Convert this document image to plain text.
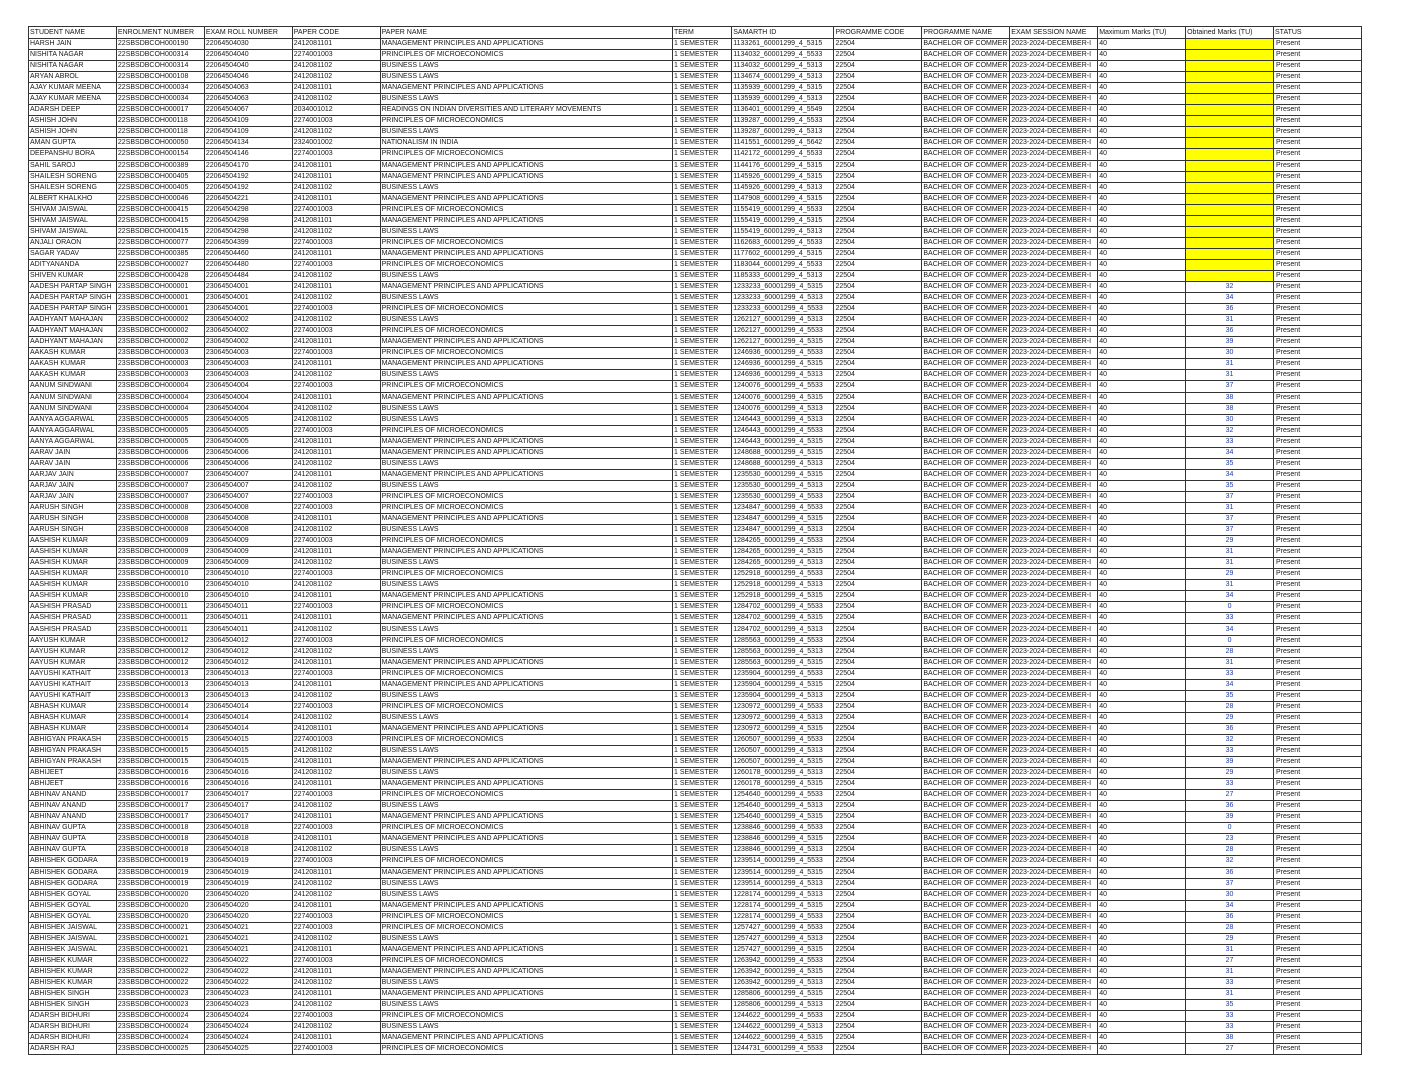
STUDENT NAME	ENROLMENT NUMBER	EXAM ROLL NUMBER	PAPER CODE	PAPER NAME	TERM	SAMARTH ID	PROGRAMME CODE	PROGRAMME NAME	EXAM SESSION NAME	Maximum Marks (TU)	Obtained Marks (TU)	STATUS
HARSH JAIN	22SBSDBCOH000190	22064504030	2412081101	MANAGEMENT PRINCIPLES AND APPLICATIONS	1 SEMESTER	1133261_60001299_4_5315	22504	BACHELOR OF COMMER	2023-2024-DECEMBER-I	40		Present
NISHITA NAGAR	22SBSDBCOH000314	22064504040	2274001003	PRINCIPLES OF MICROECONOMICS	1 SEMESTER	1134032_60001299_4_5533	22504	BACHELOR OF COMMER	2023-2024-DECEMBER-I	40		Present
NISHITA NAGAR	22SBSDBCOH000314	22064504040	2412081102	BUSINESS LAWS	1 SEMESTER	1134032_60001299_4_5313	22504	BACHELOR OF COMMER	2023-2024-DECEMBER-I	40		Present
ARYAN ABROL	22SBSDBCOH000108	22064504046	2412081102	BUSINESS LAWS	1 SEMESTER	1134674_60001299_4_5313	22504	BACHELOR OF COMMER	2023-2024-DECEMBER-I	40		Present
AJAY KUMAR MEENA	22SBSDBCOH000034	22064504063	2412081101	MANAGEMENT PRINCIPLES AND APPLICATIONS	1 SEMESTER	1135939_60001299_4_5315	22504	BACHELOR OF COMMER	2023-2024-DECEMBER-I	40		Present
AJAY KUMAR MEENA	22SBSDBCOH000034	22064504063	2412081102	BUSINESS LAWS	1 SEMESTER	1135939_60001299_4_5313	22504	BACHELOR OF COMMER	2023-2024-DECEMBER-I	40		Present
ADARSH DEEP	22SBSDBCOH000017	22064504067	2034001012	READINGS ON INDIAN DIVERSITIES AND LITERARY MOVEMENTS	1 SEMESTER	1136401_60001299_4_5549	22504	BACHELOR OF COMMER	2023-2024-DECEMBER-I	40		Present
ASHISH JOHN	22SBSDBCOH000118	22064504109	2274001003	PRINCIPLES OF MICROECONOMICS	1 SEMESTER	1139287_60001299_4_5533	22504	BACHELOR OF COMMER	2023-2024-DECEMBER-I	40		Present
ASHISH JOHN	22SBSDBCOH000118	22064504109	2412081102	BUSINESS LAWS	1 SEMESTER	1139287_60001299_4_5313	22504	BACHELOR OF COMMER	2023-2024-DECEMBER-I	40		Present
AMAN GUPTA	22SBSDBCOH000050	22064504134	2324001002	NATIONALISM IN INDIA	1 SEMESTER	1141551_60001299_4_5642	22504	BACHELOR OF COMMER	2023-2024-DECEMBER-I	40		Present
DEEPANSHU BORA	22SBSDBCOH000154	22064504146	2274001003	PRINCIPLES OF MICROECONOMICS	1 SEMESTER	1142172_60001299_4_5533	22504	BACHELOR OF COMMER	2023-2024-DECEMBER-I	40		Present
SAHIL SAROJ	22SBSDBCOH000389	22064504170	2412081101	MANAGEMENT PRINCIPLES AND APPLICATIONS	1 SEMESTER	1144176_60001299_4_5315	22504	BACHELOR OF COMMER	2023-2024-DECEMBER-I	40		Present
SHAILESH SORENG	22SBSDBCOH000405	22064504192	2412081101	MANAGEMENT PRINCIPLES AND APPLICATIONS	1 SEMESTER	1145926_60001299_4_5315	22504	BACHELOR OF COMMER	2023-2024-DECEMBER-I	40		Present
SHAILESH SORENG	22SBSDBCOH000405	22064504192	2412081102	BUSINESS LAWS	1 SEMESTER	1145926_60001299_4_5313	22504	BACHELOR OF COMMER	2023-2024-DECEMBER-I	40		Present
ALBERT KHALKHO	22SBSDBCOH000046	22064504221	2412081101	MANAGEMENT PRINCIPLES AND APPLICATIONS	1 SEMESTER	1147908_60001299_4_5315	22504	BACHELOR OF COMMER	2023-2024-DECEMBER-I	40		Present
SHIVAM JAISWAL	22SBSDBCOH000415	22064504298	2274001003	PRINCIPLES OF MICROECONOMICS	1 SEMESTER	1155419_60001299_4_5533	22504	BACHELOR OF COMMER	2023-2024-DECEMBER-I	40		Present
SHIVAM JAISWAL	22SBSDBCOH000415	22064504298	2412081101	MANAGEMENT PRINCIPLES AND APPLICATIONS	1 SEMESTER	1155419_60001299_4_5315	22504	BACHELOR OF COMMER	2023-2024-DECEMBER-I	40		Present
SHIVAM JAISWAL	22SBSDBCOH000415	22064504298	2412081102	BUSINESS LAWS	1 SEMESTER	1155419_60001299_4_5313	22504	BACHELOR OF COMMER	2023-2024-DECEMBER-I	40		Present
ANJALI ORAON	22SBSDBCOH000077	22064504399	2274001003	PRINCIPLES OF MICROECONOMICS	1 SEMESTER	1162683_60001299_4_5533	22504	BACHELOR OF COMMER	2023-2024-DECEMBER-I	40		Present
SAGAR YADAV	22SBSDBCOH000385	22064504460	2412081101	MANAGEMENT PRINCIPLES AND APPLICATIONS	1 SEMESTER	1177602_60001299_4_5315	22504	BACHELOR OF COMMER	2023-2024-DECEMBER-I	40		Present
ADITYANANDA	22SBSDBCOH000027	22064504480	2274001003	PRINCIPLES OF MICROECONOMICS	1 SEMESTER	1183044_60001299_4_5533	22504	BACHELOR OF COMMER	2023-2024-DECEMBER-I	40		Present
SHIVEN KUMAR	22SBSDBCOH000428	22064504484	2412081102	BUSINESS LAWS	1 SEMESTER	1185333_60001299_4_5313	22504	BACHELOR OF COMMER	2023-2024-DECEMBER-I	40		Present
AADESH PARTAP SINGH	23SBSDBCOH000001	23064504001	2412081101	MANAGEMENT PRINCIPLES AND APPLICATIONS	1 SEMESTER	1233233_60001299_4_5315	22504	BACHELOR OF COMMER	2023-2024-DECEMBER-I	40	32	Present
AADESH PARTAP SINGH	23SBSDBCOH000001	23064504001	2412081102	BUSINESS LAWS	1 SEMESTER	1233233_60001299_4_5313	22504	BACHELOR OF COMMER	2023-2024-DECEMBER-I	40	34	Present
AADESH PARTAP SINGH	23SBSDBCOH000001	23064504001	2274001003	PRINCIPLES OF MICROECONOMICS	1 SEMESTER	1233233_60001299_4_5533	22504	BACHELOR OF COMMER	2023-2024-DECEMBER-I	40	36	Present
AADHYANT MAHAJAN	23SBSDBCOH000002	23064504002	2412081102	BUSINESS LAWS	1 SEMESTER	1262127_60001299_4_5313	22504	BACHELOR OF COMMER	2023-2024-DECEMBER-I	40	31	Present
AADHYANT MAHAJAN	23SBSDBCOH000002	23064504002	2274001003	PRINCIPLES OF MICROECONOMICS	1 SEMESTER	1262127_60001299_4_5533	22504	BACHELOR OF COMMER	2023-2024-DECEMBER-I	40	36	Present
AADHYANT MAHAJAN	23SBSDBCOH000002	23064504002	2412081101	MANAGEMENT PRINCIPLES AND APPLICATIONS	1 SEMESTER	1262127_60001299_4_5315	22504	BACHELOR OF COMMER	2023-2024-DECEMBER-I	40	39	Present
AAKASH KUMAR	23SBSDBCOH000003	23064504003	2274001003	PRINCIPLES OF MICROECONOMICS	1 SEMESTER	1246936_60001299_4_5533	22504	BACHELOR OF COMMER	2023-2024-DECEMBER-I	40	30	Present
AAKASH KUMAR	23SBSDBCOH000003	23064504003	2412081101	MANAGEMENT PRINCIPLES AND APPLICATIONS	1 SEMESTER	1246936_60001299_4_5315	22504	BACHELOR OF COMMER	2023-2024-DECEMBER-I	40	31	Present
AAKASH KUMAR	23SBSDBCOH000003	23064504003	2412081102	BUSINESS LAWS	1 SEMESTER	1246936_60001299_4_5313	22504	BACHELOR OF COMMER	2023-2024-DECEMBER-I	40	31	Present
AANUM SINDWANI	23SBSDBCOH000004	23064504004	2274001003	PRINCIPLES OF MICROECONOMICS	1 SEMESTER	1240076_60001299_4_5533	22504	BACHELOR OF COMMER	2023-2024-DECEMBER-I	40	37	Present
AANUM SINDWANI	23SBSDBCOH000004	23064504004	2412081101	MANAGEMENT PRINCIPLES AND APPLICATIONS	1 SEMESTER	1240076_60001299_4_5315	22504	BACHELOR OF COMMER	2023-2024-DECEMBER-I	40	38	Present
AANUM SINDWANI	23SBSDBCOH000004	23064504004	2412081102	BUSINESS LAWS	1 SEMESTER	1240076_60001299_4_5313	22504	BACHELOR OF COMMER	2023-2024-DECEMBER-I	40	38	Present
AANYA AGGARWAL	23SBSDBCOH000005	23064504005	2412081102	BUSINESS LAWS	1 SEMESTER	1246443_60001299_4_5313	22504	BACHELOR OF COMMER	2023-2024-DECEMBER-I	40	30	Present
AANYA AGGARWAL	23SBSDBCOH000005	23064504005	2274001003	PRINCIPLES OF MICROECONOMICS	1 SEMESTER	1246443_60001299_4_5533	22504	BACHELOR OF COMMER	2023-2024-DECEMBER-I	40	32	Present
AANYA AGGARWAL	23SBSDBCOH000005	23064504005	2412081101	MANAGEMENT PRINCIPLES AND APPLICATIONS	1 SEMESTER	1246443_60001299_4_5315	22504	BACHELOR OF COMMER	2023-2024-DECEMBER-I	40	33	Present
AARAV JAIN	23SBSDBCOH000006	23064504006	2412081101	MANAGEMENT PRINCIPLES AND APPLICATIONS	1 SEMESTER	1248688_60001299_4_5315	22504	BACHELOR OF COMMER	2023-2024-DECEMBER-I	40	34	Present
AARAV JAIN	23SBSDBCOH000006	23064504006	2412081102	BUSINESS LAWS	1 SEMESTER	1248688_60001299_4_5313	22504	BACHELOR OF COMMER	2023-2024-DECEMBER-I	40	35	Present
AARJAV JAIN	23SBSDBCOH000007	23064504007	2412081101	MANAGEMENT PRINCIPLES AND APPLICATIONS	1 SEMESTER	1235530_60001299_4_5315	22504	BACHELOR OF COMMER	2023-2024-DECEMBER-I	40	34	Present
AARJAV JAIN	23SBSDBCOH000007	23064504007	2412081102	BUSINESS LAWS	1 SEMESTER	1235530_60001299_4_5313	22504	BACHELOR OF COMMER	2023-2024-DECEMBER-I	40	35	Present
AARJAV JAIN	23SBSDBCOH000007	23064504007	2274001003	PRINCIPLES OF MICROECONOMICS	1 SEMESTER	1235530_60001299_4_5533	22504	BACHELOR OF COMMER	2023-2024-DECEMBER-I	40	37	Present
AARUSH SINGH	23SBSDBCOH000008	23064504008	2274001003	PRINCIPLES OF MICROECONOMICS	1 SEMESTER	1234847_60001299_4_5533	22504	BACHELOR OF COMMER	2023-2024-DECEMBER-I	40	31	Present
AARUSH SINGH	23SBSDBCOH000008	23064504008	2412081101	MANAGEMENT PRINCIPLES AND APPLICATIONS	1 SEMESTER	1234847_60001299_4_5315	22504	BACHELOR OF COMMER	2023-2024-DECEMBER-I	40	37	Present
AARUSH SINGH	23SBSDBCOH000008	23064504008	2412081102	BUSINESS LAWS	1 SEMESTER	1234847_60001299_4_5313	22504	BACHELOR OF COMMER	2023-2024-DECEMBER-I	40	37	Present
AASHISH KUMAR	23SBSDBCOH000009	23064504009	2274001003	PRINCIPLES OF MICROECONOMICS	1 SEMESTER	1284265_60001299_4_5533	22504	BACHELOR OF COMMER	2023-2024-DECEMBER-I	40	29	Present
AASHISH KUMAR	23SBSDBCOH000009	23064504009	2412081101	MANAGEMENT PRINCIPLES AND APPLICATIONS	1 SEMESTER	1284265_60001299_4_5315	22504	BACHELOR OF COMMER	2023-2024-DECEMBER-I	40	31	Present
AASHISH KUMAR	23SBSDBCOH000009	23064504009	2412081102	BUSINESS LAWS	1 SEMESTER	1284265_60001299_4_5313	22504	BACHELOR OF COMMER	2023-2024-DECEMBER-I	40	31	Present
AASHISH KUMAR	23SBSDBCOH000010	23064504010	2274001003	PRINCIPLES OF MICROECONOMICS	1 SEMESTER	1252918_60001299_4_5533	22504	BACHELOR OF COMMER	2023-2024-DECEMBER-I	40	29	Present
AASHISH KUMAR	23SBSDBCOH000010	23064504010	2412081102	BUSINESS LAWS	1 SEMESTER	1252918_60001299_4_5313	22504	BACHELOR OF COMMER	2023-2024-DECEMBER-I	40	31	Present
AASHISH KUMAR	23SBSDBCOH000010	23064504010	2412081101	MANAGEMENT PRINCIPLES AND APPLICATIONS	1 SEMESTER	1252918_60001299_4_5315	22504	BACHELOR OF COMMER	2023-2024-DECEMBER-I	40	34	Present
AASHISH PRASAD	23SBSDBCOH000011	23064504011	2274001003	PRINCIPLES OF MICROECONOMICS	1 SEMESTER	1284702_60001299_4_5533	22504	BACHELOR OF COMMER	2023-2024-DECEMBER-I	40	0	Present
AASHISH PRASAD	23SBSDBCOH000011	23064504011	2412081101	MANAGEMENT PRINCIPLES AND APPLICATIONS	1 SEMESTER	1284702_60001299_4_5315	22504	BACHELOR OF COMMER	2023-2024-DECEMBER-I	40	33	Present
AASHISH PRASAD	23SBSDBCOH000011	23064504011	2412081102	BUSINESS LAWS	1 SEMESTER	1284702_60001299_4_5313	22504	BACHELOR OF COMMER	2023-2024-DECEMBER-I	40	34	Present
AAYUSH KUMAR	23SBSDBCOH000012	23064504012	2274001003	PRINCIPLES OF MICROECONOMICS	1 SEMESTER	1285563_60001299_4_5533	22504	BACHELOR OF COMMER	2023-2024-DECEMBER-I	40	0	Present
AAYUSH KUMAR	23SBSDBCOH000012	23064504012	2412081102	BUSINESS LAWS	1 SEMESTER	1285563_60001299_4_5313	22504	BACHELOR OF COMMER	2023-2024-DECEMBER-I	40	28	Present
AAYUSH KUMAR	23SBSDBCOH000012	23064504012	2412081101	MANAGEMENT PRINCIPLES AND APPLICATIONS	1 SEMESTER	1285563_60001299_4_5315	22504	BACHELOR OF COMMER	2023-2024-DECEMBER-I	40	31	Present
AAYUSHI KATHAIT	23SBSDBCOH000013	23064504013	2274001003	PRINCIPLES OF MICROECONOMICS	1 SEMESTER	1235904_60001299_4_5533	22504	BACHELOR OF COMMER	2023-2024-DECEMBER-I	40	33	Present
AAYUSHI KATHAIT	23SBSDBCOH000013	23064504013	2412081101	MANAGEMENT PRINCIPLES AND APPLICATIONS	1 SEMESTER	1235904_60001299_4_5315	22504	BACHELOR OF COMMER	2023-2024-DECEMBER-I	40	34	Present
AAYUSHI KATHAIT	23SBSDBCOH000013	23064504013	2412081102	BUSINESS LAWS	1 SEMESTER	1235904_60001299_4_5313	22504	BACHELOR OF COMMER	2023-2024-DECEMBER-I	40	35	Present
ABHASH KUMAR	23SBSDBCOH000014	23064504014	2274001003	PRINCIPLES OF MICROECONOMICS	1 SEMESTER	1230972_60001299_4_5533	22504	BACHELOR OF COMMER	2023-2024-DECEMBER-I	40	28	Present
ABHASH KUMAR	23SBSDBCOH000014	23064504014	2412081102	BUSINESS LAWS	1 SEMESTER	1230972_60001299_4_5313	22504	BACHELOR OF COMMER	2023-2024-DECEMBER-I	40	29	Present
ABHASH KUMAR	23SBSDBCOH000014	23064504014	2412081101	MANAGEMENT PRINCIPLES AND APPLICATIONS	1 SEMESTER	1230972_60001299_4_5315	22504	BACHELOR OF COMMER	2023-2024-DECEMBER-I	40	36	Present
ABHIGYAN PRAKASH	23SBSDBCOH000015	23064504015	2274001003	PRINCIPLES OF MICROECONOMICS	1 SEMESTER	1260507_60001299_4_5533	22504	BACHELOR OF COMMER	2023-2024-DECEMBER-I	40	32	Present
ABHIGYAN PRAKASH	23SBSDBCOH000015	23064504015	2412081102	BUSINESS LAWS	1 SEMESTER	1260507_60001299_4_5313	22504	BACHELOR OF COMMER	2023-2024-DECEMBER-I	40	33	Present
ABHIGYAN PRAKASH	23SBSDBCOH000015	23064504015	2412081101	MANAGEMENT PRINCIPLES AND APPLICATIONS	1 SEMESTER	1260507_60001299_4_5315	22504	BACHELOR OF COMMER	2023-2024-DECEMBER-I	40	39	Present
ABHIJEET	23SBSDBCOH000016	23064504016	2412081102	BUSINESS LAWS	1 SEMESTER	1260178_60001299_4_5313	22504	BACHELOR OF COMMER	2023-2024-DECEMBER-I	40	29	Present
ABHIJEET	23SBSDBCOH000016	23064504016	2412081101	MANAGEMENT PRINCIPLES AND APPLICATIONS	1 SEMESTER	1260178_60001299_4_5315	22504	BACHELOR OF COMMER	2023-2024-DECEMBER-I	40	33	Present
ABHINAV ANAND	23SBSDBCOH000017	23064504017	2274001003	PRINCIPLES OF MICROECONOMICS	1 SEMESTER	1254640_60001299_4_5533	22504	BACHELOR OF COMMER	2023-2024-DECEMBER-I	40	27	Present
ABHINAV ANAND	23SBSDBCOH000017	23064504017	2412081102	BUSINESS LAWS	1 SEMESTER	1254640_60001299_4_5313	22504	BACHELOR OF COMMER	2023-2024-DECEMBER-I	40	36	Present
ABHINAV ANAND	23SBSDBCOH000017	23064504017	2412081101	MANAGEMENT PRINCIPLES AND APPLICATIONS	1 SEMESTER	1254640_60001299_4_5315	22504	BACHELOR OF COMMER	2023-2024-DECEMBER-I	40	39	Present
ABHINAV GUPTA	23SBSDBCOH000018	23064504018	2274001003	PRINCIPLES OF MICROECONOMICS	1 SEMESTER	1238846_60001299_4_5533	22504	BACHELOR OF COMMER	2023-2024-DECEMBER-I	40	0	Present
ABHINAV GUPTA	23SBSDBCOH000018	23064504018	2412081101	MANAGEMENT PRINCIPLES AND APPLICATIONS	1 SEMESTER	1238846_60001299_4_5315	22504	BACHELOR OF COMMER	2023-2024-DECEMBER-I	40	23	Present
ABHINAV GUPTA	23SBSDBCOH000018	23064504018	2412081102	BUSINESS LAWS	1 SEMESTER	1238846_60001299_4_5313	22504	BACHELOR OF COMMER	2023-2024-DECEMBER-I	40	28	Present
ABHISHEK GODARA	23SBSDBCOH000019	23064504019	2274001003	PRINCIPLES OF MICROECONOMICS	1 SEMESTER	1239514_60001299_4_5533	22504	BACHELOR OF COMMER	2023-2024-DECEMBER-I	40	32	Present
ABHISHEK GODARA	23SBSDBCOH000019	23064504019	2412081101	MANAGEMENT PRINCIPLES AND APPLICATIONS	1 SEMESTER	1239514_60001299_4_5315	22504	BACHELOR OF COMMER	2023-2024-DECEMBER-I	40	36	Present
ABHISHEK GODARA	23SBSDBCOH000019	23064504019	2412081102	BUSINESS LAWS	1 SEMESTER	1239514_60001299_4_5313	22504	BACHELOR OF COMMER	2023-2024-DECEMBER-I	40	37	Present
ABHISHEK GOYAL	23SBSDBCOH000020	23064504020	2412081102	BUSINESS LAWS	1 SEMESTER	1228174_60001299_4_5313	22504	BACHELOR OF COMMER	2023-2024-DECEMBER-I	40	30	Present
ABHISHEK GOYAL	23SBSDBCOH000020	23064504020	2412081101	MANAGEMENT PRINCIPLES AND APPLICATIONS	1 SEMESTER	1228174_60001299_4_5315	22504	BACHELOR OF COMMER	2023-2024-DECEMBER-I	40	34	Present
ABHISHEK GOYAL	23SBSDBCOH000020	23064504020	2274001003	PRINCIPLES OF MICROECONOMICS	1 SEMESTER	1228174_60001299_4_5533	22504	BACHELOR OF COMMER	2023-2024-DECEMBER-I	40	36	Present
ABHISHEK JAISWAL	23SBSDBCOH000021	23064504021	2274001003	PRINCIPLES OF MICROECONOMICS	1 SEMESTER	1257427_60001299_4_5533	22504	BACHELOR OF COMMER	2023-2024-DECEMBER-I	40	28	Present
ABHISHEK JAISWAL	23SBSDBCOH000021	23064504021	2412081102	BUSINESS LAWS	1 SEMESTER	1257427_60001299_4_5313	22504	BACHELOR OF COMMER	2023-2024-DECEMBER-I	40	29	Present
ABHISHEK JAISWAL	23SBSDBCOH000021	23064504021	2412081101	MANAGEMENT PRINCIPLES AND APPLICATIONS	1 SEMESTER	1257427_60001299_4_5315	22504	BACHELOR OF COMMER	2023-2024-DECEMBER-I	40	31	Present
ABHISHEK KUMAR	23SBSDBCOH000022	23064504022	2274001003	PRINCIPLES OF MICROECONOMICS	1 SEMESTER	1263942_60001299_4_5533	22504	BACHELOR OF COMMER	2023-2024-DECEMBER-I	40	27	Present
ABHISHEK KUMAR	23SBSDBCOH000022	23064504022	2412081101	MANAGEMENT PRINCIPLES AND APPLICATIONS	1 SEMESTER	1263942_60001299_4_5315	22504	BACHELOR OF COMMER	2023-2024-DECEMBER-I	40	31	Present
ABHISHEK KUMAR	23SBSDBCOH000022	23064504022	2412081102	BUSINESS LAWS	1 SEMESTER	1263942_60001299_4_5313	22504	BACHELOR OF COMMER	2023-2024-DECEMBER-I	40	33	Present
ABHISHEK SINGH	23SBSDBCOH000023	23064504023	2412081101	MANAGEMENT PRINCIPLES AND APPLICATIONS	1 SEMESTER	1285806_60001299_4_5315	22504	BACHELOR OF COMMER	2023-2024-DECEMBER-I	40	31	Present
ABHISHEK SINGH	23SBSDBCOH000023	23064504023	2412081102	BUSINESS LAWS	1 SEMESTER	1285806_60001299_4_5313	22504	BACHELOR OF COMMER	2023-2024-DECEMBER-I	40	35	Present
ADARSH BIDHURI	23SBSDBCOH000024	23064504024	2274001003	PRINCIPLES OF MICROECONOMICS	1 SEMESTER	1244622_60001299_4_5533	22504	BACHELOR OF COMMER	2023-2024-DECEMBER-I	40	33	Present
ADARSH BIDHURI	23SBSDBCOH000024	23064504024	2412081102	BUSINESS LAWS	1 SEMESTER	1244622_60001299_4_5313	22504	BACHELOR OF COMMER	2023-2024-DECEMBER-I	40	33	Present
ADARSH BIDHURI	23SBSDBCOH000024	23064504024	2412081101	MANAGEMENT PRINCIPLES AND APPLICATIONS	1 SEMESTER	1244622_60001299_4_5315	22504	BACHELOR OF COMMER	2023-2024-DECEMBER-I	40	38	Present
ADARSH RAJ	23SBSDBCOH000025	23064504025	2274001003	PRINCIPLES OF MICROECONOMICS	1 SEMESTER	1244731_60001299_4_5533	22504	BACHELOR OF COMMER	2023-2024-DECEMBER-I	40	27	Present
